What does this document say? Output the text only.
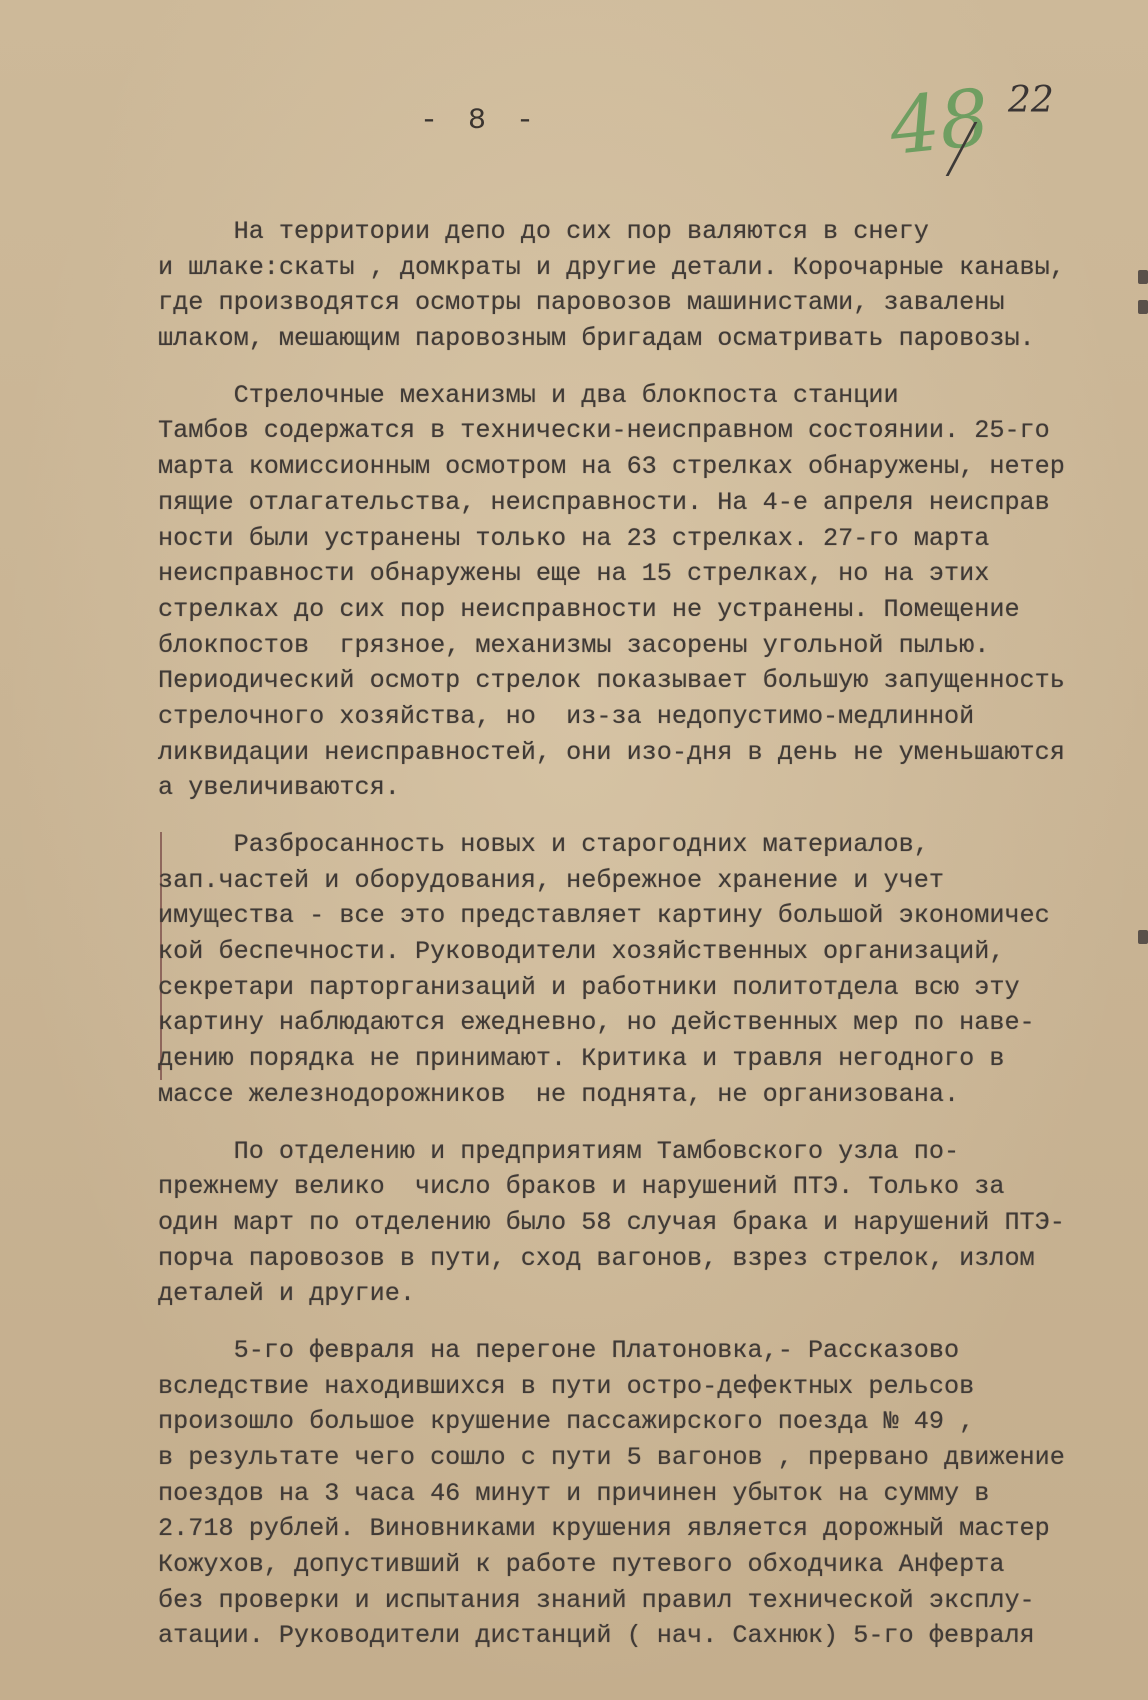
- 8 -	48 22
На территории депо до сих пор валяются в снегу
и шлаке:скаты , домкраты и другие детали. Корочарные канавы,
где производятся осмотры паровозов машинистами, завалены
шлаком, мешающим паровозным бригадам осматривать паровозы.
Стрелочные механизмы и два блокпоста станции
Тамбов содержатся в технически-неисправном состоянии. 25-го
марта комиссионным осмотром на 63 стрелках обнаружены, нетер
пящие отлагательства, неисправности. На 4-е апреля неисправ
ности были устранены только на 23 стрелках. 27-го марта
неисправности обнаружены еще на 15 стрелках, но на этих
стрелках до сих пор неисправности не устранены. Помещение
блокпостов  грязное, механизмы засорены угольной пылью.
Периодический осмотр стрелок показывает большую запущенность
стрелочного хозяйства, но  из-за недопустимо-медлинной
ликвидации неисправностей, они изо-дня в день не уменьшаются
а увеличиваются.
Разбросанность новых и старогодних материалов,
зап.частей и оборудования, небрежное хранение и учет
имущества - все это представляет картину большой экономичес
кой беспечности. Руководители хозяйственных организаций,
секретари парторганизаций и работники политотдела всю эту
картину наблюдаются ежедневно, но действенных мер по наве-
дению порядка не принимают. Критика и травля негодного в
массе железнодорожников  не поднята, не организована.
По отделению и предприятиям Тамбовского узла по-
прежнему велико  число браков и нарушений ПТЭ. Только за
один март по отделению было 58 случая брака и нарушений ПТЭ-
порча паровозов в пути, сход вагонов, взрез стрелок, излом
деталей и другие.
5-го февраля на перегоне Платоновка,- Рассказово
вследствие находившихся в пути остро-дефектных рельсов
произошло большое крушение пассажирского поезда № 49 ,
в результате чего сошло с пути 5 вагонов , прервано движение
поездов на 3 часа 46 минут и причинен убыток на сумму в
2.718 рублей. Виновниками крушения является дорожный мастер
Кожухов, допустивший к работе путевого обходчика Анферта
без проверки и испытания знаний правил технической эксплу-
атации. Руководители дистанций ( нач. Сахнюк) 5-го февраля
